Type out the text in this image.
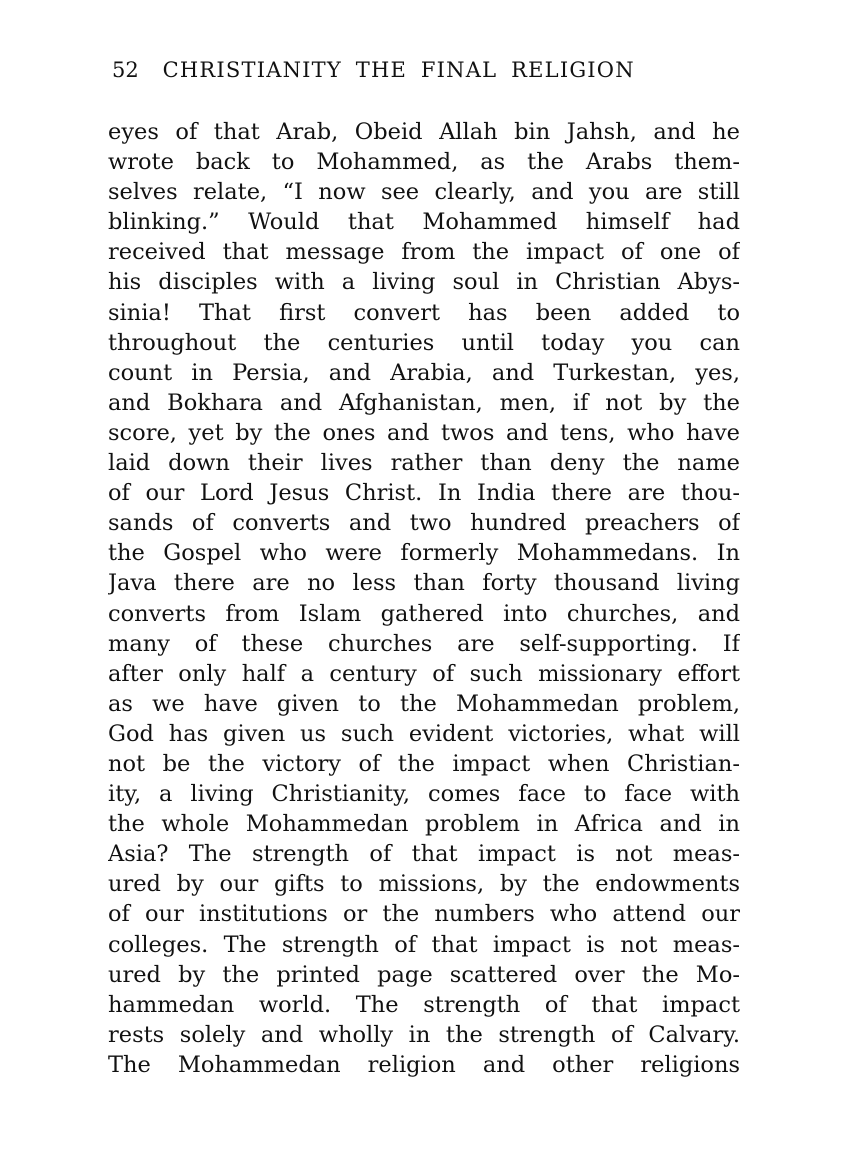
52 CHRISTIANITY THE FINAL RELIGION
eyes of that Arab, Obeid Allah bin Jahsh, and he
wrote back to Mohammed, as the Arabs them-
selves relate, “I now see clearly, and you are still
blinking.” Would that Mohammed himself had
received that message from the impact of one of
his disciples with a living soul in Christian Abys-
sinia! That first convert has been added to
throughout the centuries until today you can
count in Persia, and Arabia, and Turkestan, yes,
and Bokhara and Afghanistan, men, if not by the
score, yet by the ones and twos and tens, who have
laid down their lives rather than deny the name
of our Lord Jesus Christ. In India there are thou-
sands of converts and two hundred preachers of
the Gospel who were formerly Mohammedans. In
Java there are no less than forty thousand living
converts from Islam gathered into churches, and
many of these churches are self-supporting. If
after only half a century of such missionary effort
as we have given to the Mohammedan problem,
God has given us such evident victories, what will
not be the victory of the impact when Christian-
ity, a living Christianity, comes face to face with
the whole Mohammedan problem in Africa and in
Asia? The strength of that impact is not meas-
ured by our gifts to missions, by the endowments
of our institutions or the numbers who attend our
colleges. The strength of that impact is not meas-
ured by the printed page scattered over the Mo-
hammedan world. The strength of that impact
rests solely and wholly in the strength of Calvary.
The Mohammedan religion and other religions
